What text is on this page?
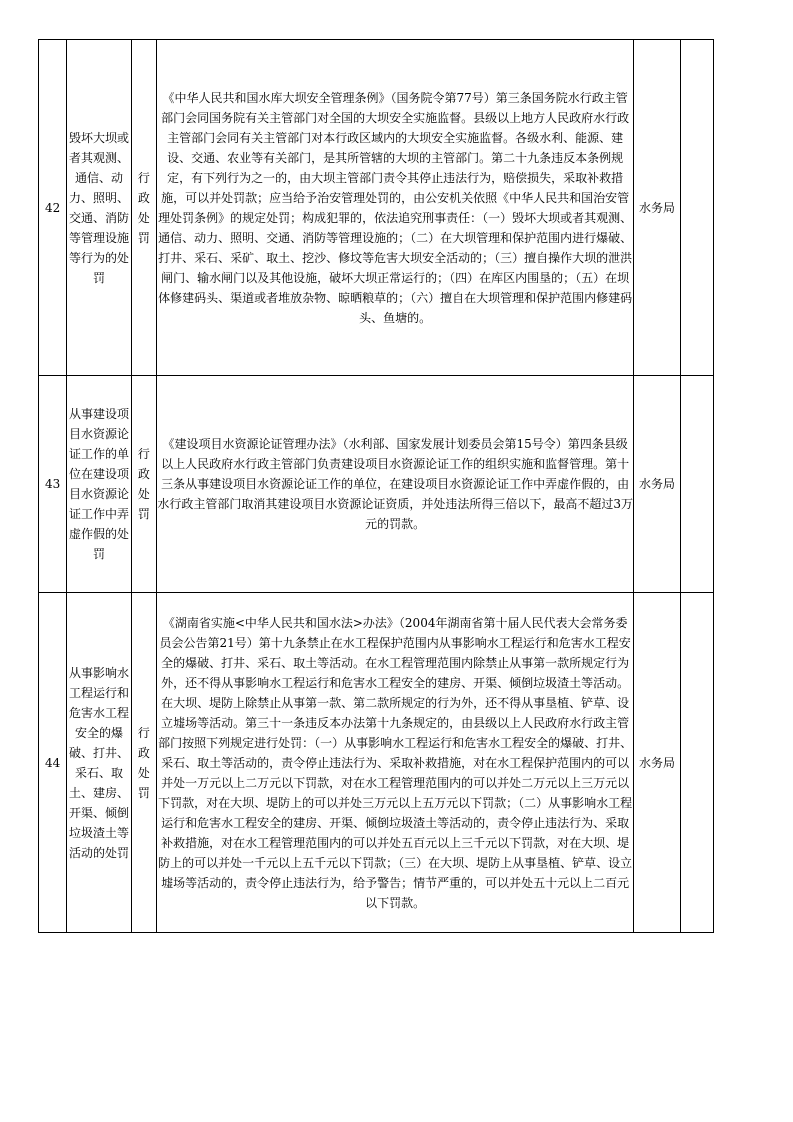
42	毁坏大坝或者其观测、通信、动力、照明、交通、消防等管理设施等行为的处罚	行政处罚	《中华人民共和国水库大坝安全管理条例》（国务院令第77号）第三条国务院水行政主管部门会同国务院有关主管部门对全国的大坝安全实施监督。县级以上地方人民政府水行政主管部门会同有关主管部门对本行政区域内的大坝安全实施监督。各级水利、能源、建设、交通、农业等有关部门，是其所管辖的大坝的主管部门。第二十九条违反本条例规定，有下列行为之一的，由大坝主管部门责令其停止违法行为，赔偿损失，采取补救措施，可以并处罚款；应当给予治安管理处罚的，由公安机关依照《中华人民共和国治安管理处罚条例》的规定处罚；构成犯罪的，依法追究刑事责任：（一）毁坏大坝或者其观测、通信、动力、照明、交通、消防等管理设施的；（二）在大坝管理和保护范围内进行爆破、打井、采石、采矿、取土、挖沙、修坟等危害大坝安全活动的；（三）擅自操作大坝的泄洪闸门、输水闸门以及其他设施，破坏大坝正常运行的；（四）在库区内围垦的；（五）在坝体修建码头、渠道或者堆放杂物、晾晒粮草的；（六）擅自在大坝管理和保护范围内修建码头、鱼塘的。	水务局	
43	从事建设项目水资源论证工作的单位在建设项目水资源论证工作中弄虚作假的处罚	行政处罚	《建设项目水资源论证管理办法》（水利部、国家发展计划委员会第15号令）第四条县级以上人民政府水行政主管部门负责建设项目水资源论证工作的组织实施和监督管理。第十三条从事建设项目水资源论证工作的单位，在建设项目水资源论证工作中弄虚作假的，由水行政主管部门取消其建设项目水资源论证资质，并处违法所得三倍以下，最高不超过3万元的罚款。	水务局	
44	从事影响水工程运行和危害水工程安全的爆破、打井、采石、取土、建房、开渠、倾倒垃圾渣土等活动的处罚	行政处罚	《湖南省实施<中华人民共和国水法>办法》（2004年湖南省第十届人民代表大会常务委员会公告第21号）第十九条禁止在水工程保护范围内从事影响水工程运行和危害水工程安全的爆破、打井、采石、取土等活动。在水工程管理范围内除禁止从事第一款所规定行为外，还不得从事影响水工程运行和危害水工程安全的建房、开渠、倾倒垃圾渣土等活动。在大坝、堤防上除禁止从事第一款、第二款所规定的行为外，还不得从事垦植、铲草、设立墟场等活动。第三十一条违反本办法第十九条规定的，由县级以上人民政府水行政主管部门按照下列规定进行处罚：（一）从事影响水工程运行和危害水工程安全的爆破、打井、采石、取土等活动的，责令停止违法行为、采取补救措施，对在水工程保护范围内的可以并处一万元以上二万元以下罚款，对在水工程管理范围内的可以并处二万元以上三万元以下罚款，对在大坝、堤防上的可以并处三万元以上五万元以下罚款；（二）从事影响水工程运行和危害水工程安全的建房、开渠、倾倒垃圾渣土等活动的，责令停止违法行为、采取补救措施，对在水工程管理范围内的可以并处五百元以上三千元以下罚款，对在大坝、堤防上的可以并处一千元以上五千元以下罚款；（三）在大坝、堤防上从事垦植、铲草、设立墟场等活动的，责令停止违法行为，给予警告；情节严重的，可以并处五十元以上二百元以下罚款。	水务局	
